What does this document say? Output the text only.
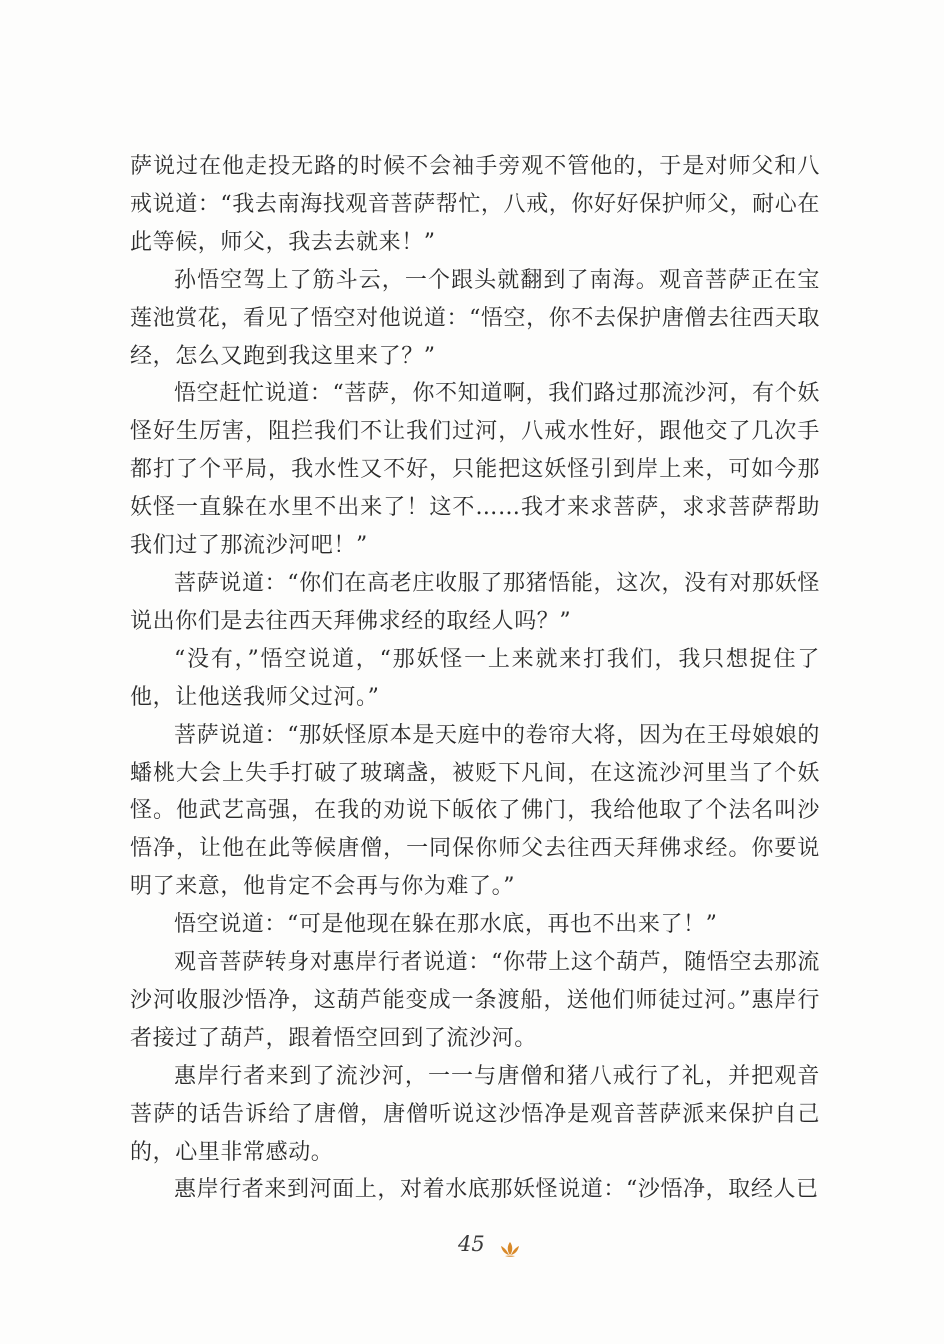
萨说过在他走投无路的时候不会袖手旁观不管他的，于是对师父和八戒说道：“我去南海找观音菩萨帮忙，八戒，你好好保护师父，耐心在此等候，师父，我去去就来！”

孙悟空驾上了筋斗云，一个跟头就翻到了南海。观音菩萨正在宝莲池赏花，看见了悟空对他说道：“悟空，你不去保护唐僧去往西天取经，怎么又跑到我这里来了？”

悟空赶忙说道：“菩萨，你不知道啊，我们路过那流沙河，有个妖怪好生厉害，阻拦我们不让我们过河，八戒水性好，跟他交了几次手都打了个平局，我水性又不好，只能把这妖怪引到岸上来，可如今那妖怪一直躲在水里不出来了！这不……我才来求菩萨，求求菩萨帮助我们过了那流沙河吧！”

菩萨说道：“你们在高老庄收服了那猪悟能，这次，没有对那妖怪说出你们是去往西天拜佛求经的取经人吗？”

“没有，”悟空说道，“那妖怪一上来就来打我们，我只想捉住了他，让他送我师父过河。”

菩萨说道：“那妖怪原本是天庭中的卷帘大将，因为在王母娘娘的蟠桃大会上失手打破了玻璃盏，被贬下凡间，在这流沙河里当了个妖怪。他武艺高强，在我的劝说下皈依了佛门，我给他取了个法名叫沙悟净，让他在此等候唐僧，一同保你师父去往西天拜佛求经。你要说明了来意，他肯定不会再与你为难了。”

悟空说道：“可是他现在躲在那水底，再也不出来了！”

观音菩萨转身对惠岸行者说道：“你带上这个葫芦，随悟空去那流沙河收服沙悟净，这葫芦能变成一条渡船，送他们师徒过河。”惠岸行者接过了葫芦，跟着悟空回到了流沙河。

惠岸行者来到了流沙河，一一与唐僧和猪八戒行了礼，并把观音菩萨的话告诉给了唐僧，唐僧听说这沙悟净是观音菩萨派来保护自己的，心里非常感动。

惠岸行者来到河面上，对着水底那妖怪说道：“沙悟净，取经人已

45
